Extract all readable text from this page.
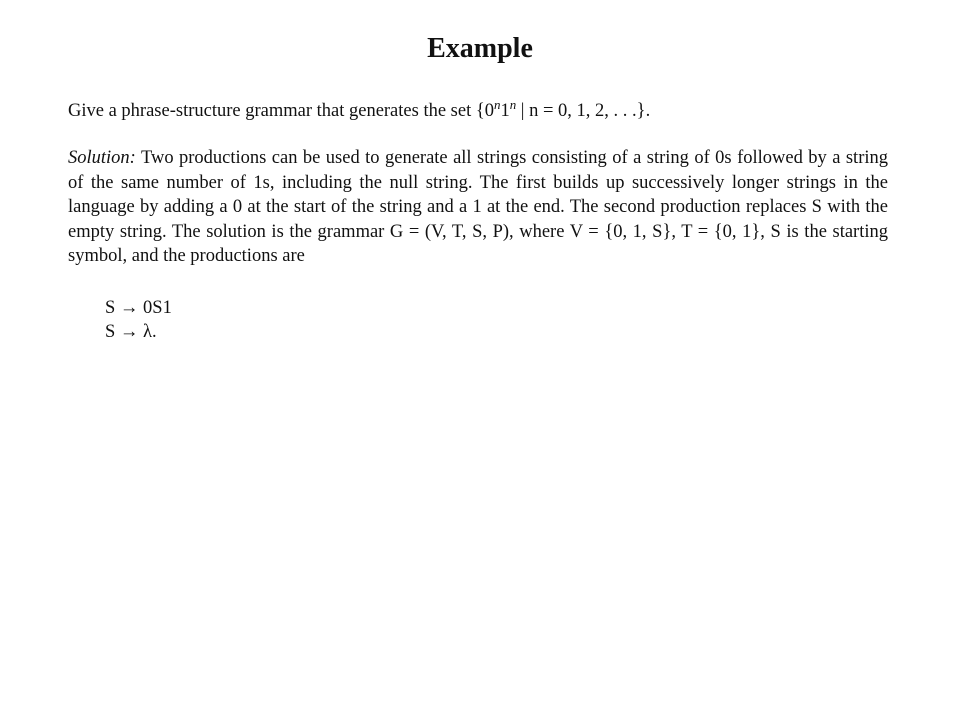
Example
Give a phrase-structure grammar that generates the set {0$^n$1$^n$ | n = 0, 1, 2, . . .}.
Solution: Two productions can be used to generate all strings consisting of a string of 0s followed by a string of the same number of 1s, including the null string. The first builds up successively longer strings in the language by adding a 0 at the start of the string and a 1 at the end. The second production replaces S with the empty string. The solution is the grammar G = (V, T, S, P), where V = {0, 1, S}, T = {0, 1}, S is the starting symbol, and the productions are
S → 0S1
S → λ.
